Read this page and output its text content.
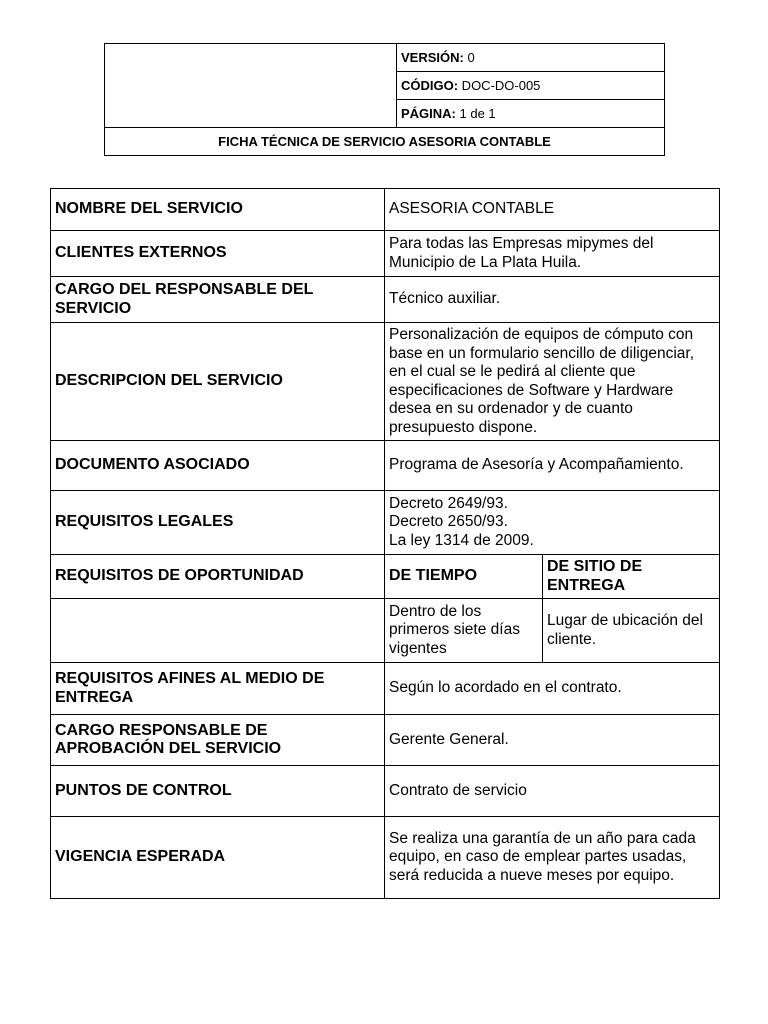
	VERSIÓN: 0
CÓDIGO: DOC-DO-005
PÁGINA: 1 de 1
FICHA TÉCNICA DE SERVICIO ASESORIA CONTABLE
NOMBRE DEL SERVICIO	ASESORIA CONTABLE	
CLIENTES EXTERNOS	Para todas las Empresas mipymes del Municipio de La Plata Huila.	
CARGO DEL RESPONSABLE DEL SERVICIO	Técnico auxiliar.	
DESCRIPCION DEL SERVICIO	Personalización de equipos de cómputo con base en un formulario sencillo de diligenciar, en el cual se le pedirá al cliente que especificaciones de Software y Hardware desea en su ordenador y de cuanto presupuesto dispone.	
DOCUMENTO ASOCIADO	Programa de Asesoría y Acompañamiento.	
REQUISITOS LEGALES	Decreto 2649/93.
Decreto 2650/93.
La ley 1314 de 2009.	
REQUISITOS DE OPORTUNIDAD	DE TIEMPO	DE SITIO DE ENTREGA
	Dentro de los primeros siete días vigentes	Lugar de ubicación del cliente.
REQUISITOS AFINES AL MEDIO DE ENTREGA	Según lo acordado en el contrato.	
CARGO RESPONSABLE DE APROBACIÓN DEL SERVICIO	Gerente General.	
PUNTOS DE CONTROL	Contrato de servicio	
VIGENCIA ESPERADA	Se realiza una garantía de un año para cada equipo, en caso de emplear partes usadas, será reducida a nueve meses por equipo.	
